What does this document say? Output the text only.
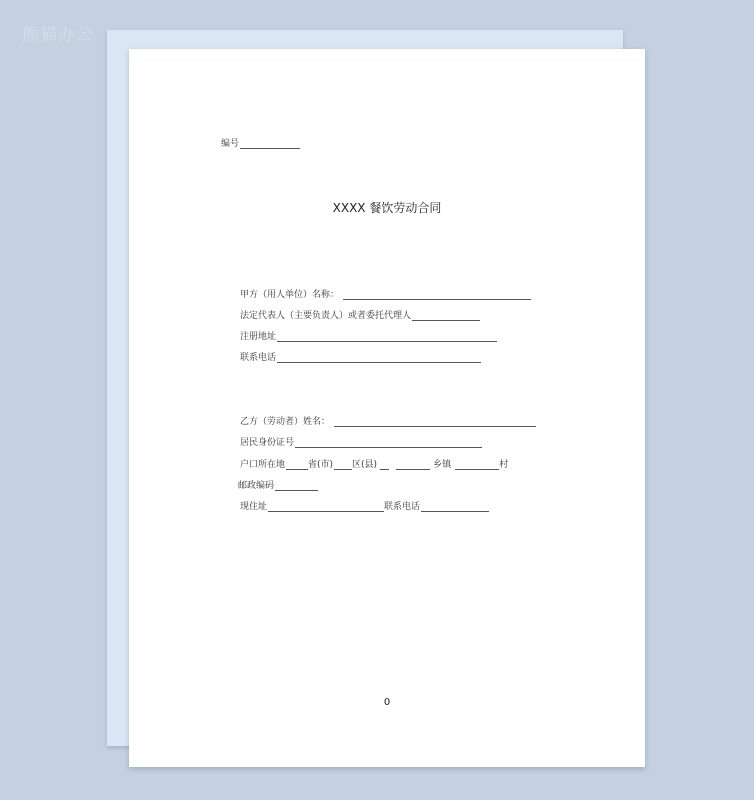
熊猫办公
编号
XXXX 餐饮劳动合同
甲方（用人单位）名称：
法定代表人（主要负责人）或者委托代理人
注册地址
联系电话
乙方（劳动者）姓名：
居民身份证号
户口所在地	省(市) 区(县)	乡镇	村
邮政编码
现住址	联系电话
0
